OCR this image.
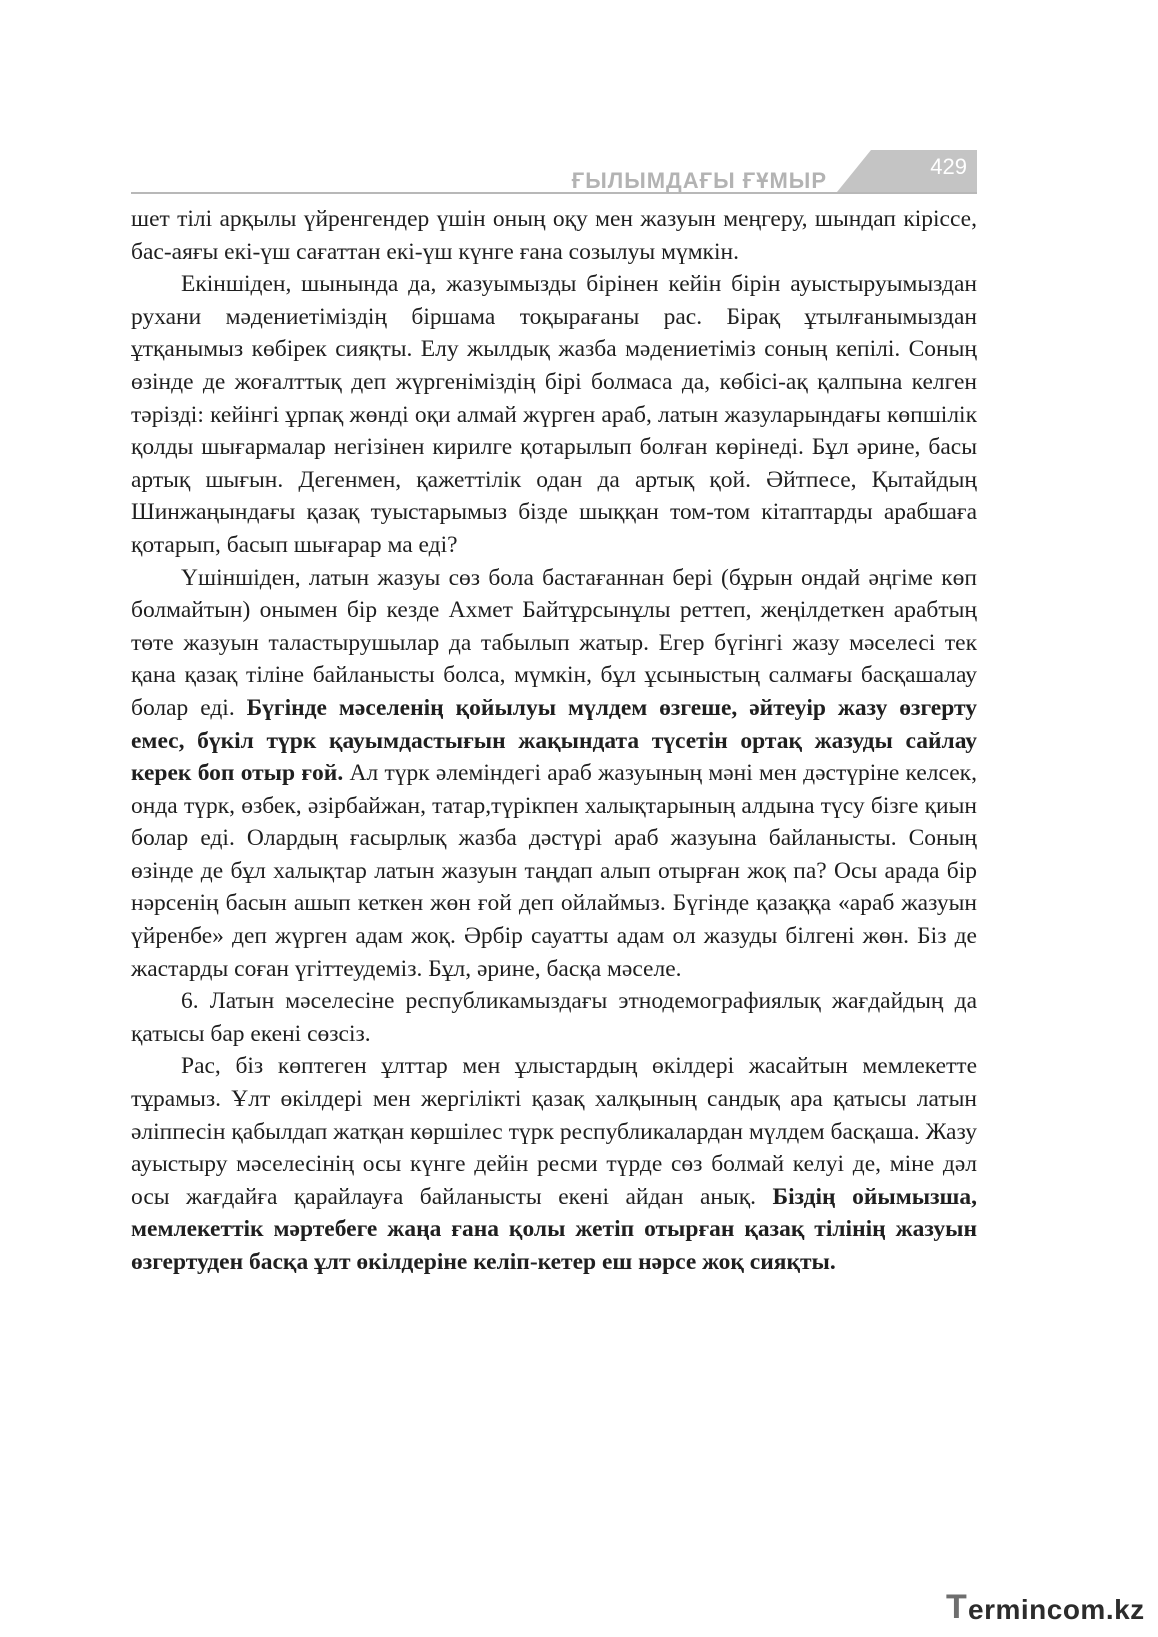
ҒЫЛЫМДАҒЫ ҒҰМЫР
429

шет тілі арқылы үйренгендер үшін оның оқу мен жазуын меңгеру, шындап кіріссе, бас-аяғы екі-үш сағаттан екі-үш күнге ғана созылуы мүмкін.

Екіншіден, шынында да, жазуымызды бірінен кейін бірін ауыстыруымыздан рухани мәдениетіміздің біршама тоқырағаны рас. Бірақ ұтылғанымыздан ұтқанымыз көбірек сияқты. Елу жылдық жазба мәдениетіміз соның кепілі. Соның өзінде де жоғалттық деп жүргеніміздің бірі болмаса да, көбісі-ақ қалпына келген тәрізді: кейінгі ұрпақ жөнді оқи алмай жүрген араб, латын жазуларындағы көпшілік қолды шығармалар негізінен кирилге қотарылып болған көрінеді. Бұл әрине, басы артық шығын. Дегенмен, қажеттілік одан да артық қой. Әйтпесе, Қытайдың Шинжаңындағы қазақ туыстарымыз бізде шыққан том-том кітаптарды арабшаға қотарып, басып шығарар ма еді?

Үшіншіден, латын жазуы сөз бола бастағаннан бері (бұрын ондай әңгіме көп болмайтын) онымен бір кезде Ахмет Байтұрсынұлы реттеп, жеңілдеткен арабтың төте жазуын таластырушылар да табылып жатыр. Егер бүгінгі жазу мәселесі тек қана қазақ тіліне байланысты болса, мүмкін, бұл ұсыныстың салмағы басқашалау болар еді. Бүгінде мәселенің қойылуы мүлдем өзгеше, әйтеуір жазу өзгерту емес, бүкіл түрк қауымдастығын жақындата түсетін ортақ жазуды сайлау керек боп отыр ғой. Ал түрк әлеміндегі араб жазуының мәні мен дәстүріне келсек, онда түрк, өзбек, әзірбайжан, татар,түрікпен халықтарының алдына түсу бізге қиын болар еді. Олардың ғасырлық жазба дәстүрі араб жазуына байланысты. Соның өзінде де бұл халықтар латын жазуын таңдап алып отырған жоқ па? Осы арада бір нәрсенің басын ашып кеткен жөн ғой деп ойлаймыз. Бүгінде қазаққа «араб жазуын үйренбе» деп жүрген адам жоқ. Әрбір сауатты адам ол жазуды білгені жөн. Біз де жастарды соған үгіттеудеміз. Бұл, әрине, басқа мәселе.

6. Латын мәселесіне республикамыздағы этнодемографиялық жағдайдың да қатысы бар екені сөзсіз.

Рас, біз көптеген ұлттар мен ұлыстардың өкілдері жасайтын мемлекетте тұрамыз. Ұлт өкілдері мен жергілікті қазақ халқының сандық ара қатысы латын әліппесін қабылдап жатқан көршілес түрк республикалардан мүлдем басқаша. Жазу ауыстыру мәселесінің осы күнге дейін ресми түрде сөз болмай келуі де, міне дәл осы жағдайға қарайлауға байланысты екені айдан анық. Біздің ойымызша, мемлекеттік мәртебеге жаңа ғана қолы жетіп отырған қазақ тілінің жазуын өзгертуден басқа ұлт өкілдеріне келіп-кетер еш нәрсе жоқ сияқты.

T ermincom.kz
